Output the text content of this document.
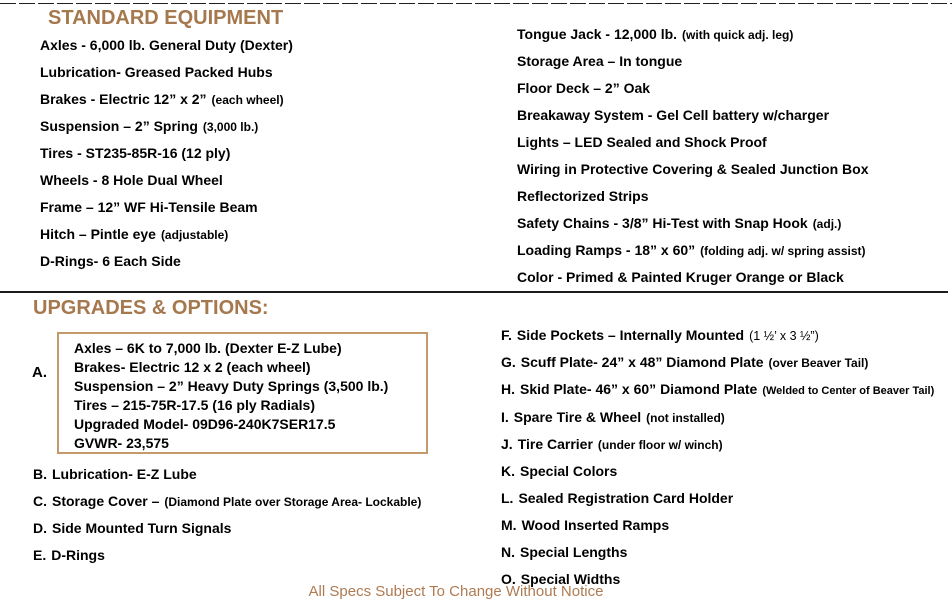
STANDARD EQUIPMENT
Axles - 6,000 lb. General Duty (Dexter)
Lubrication- Greased Packed Hubs
Brakes - Electric 12” x 2” (each wheel)
Suspension – 2” Spring (3,000 lb.)
Tires - ST235-85R-16 (12 ply)
Wheels - 8 Hole Dual Wheel
Frame – 12” WF Hi-Tensile Beam
Hitch – Pintle eye (adjustable)
D-Rings- 6 Each Side
Tongue Jack - 12,000 lb. (with quick adj. leg)
Storage Area – In tongue
Floor Deck – 2” Oak
Breakaway System - Gel Cell battery w/charger
Lights – LED Sealed and Shock Proof
Wiring in Protective Covering & Sealed Junction Box
Reflectorized Strips
Safety Chains - 3/8” Hi-Test with Snap Hook (adj.)
Loading Ramps - 18” x 60” (folding adj. w/ spring assist)
Color - Primed & Painted Kruger Orange or Black
UPGRADES & OPTIONS:
A.
Axles – 6K to 7,000 lb. (Dexter E-Z Lube)
Brakes- Electric 12 x 2 (each wheel)
Suspension – 2” Heavy Duty Springs (3,500 lb.)
Tires – 215-75R-17.5 (16 ply Radials)
Upgraded Model- 09D96-240K7SER17.5
GVWR- 23,575
B. Lubrication- E-Z Lube
C. Storage Cover – (Diamond Plate over Storage Area- Lockable)
D. Side Mounted Turn Signals
E. D-Rings
F. Side Pockets – Internally Mounted (1 ½’ x 3 ½”)
G. Scuff Plate- 24” x 48” Diamond Plate (over Beaver Tail)
H. Skid Plate- 46” x 60” Diamond Plate (Welded to Center of Beaver Tail)
I. Spare Tire & Wheel (not installed)
J. Tire Carrier (under floor w/ winch)
K. Special Colors
L. Sealed Registration Card Holder
M. Wood Inserted Ramps
N. Special Lengths
O. Special Widths
All Specs Subject To Change Without Notice
